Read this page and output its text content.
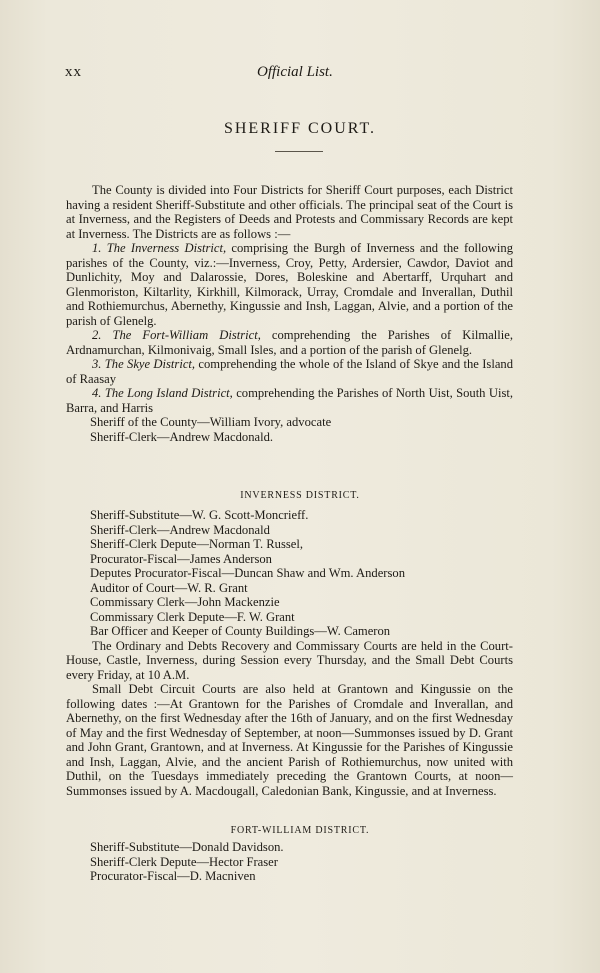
xx	Official List.
SHERIFF COURT.

The County is divided into Four Districts for Sheriff Court purposes, each District having a resident Sheriff-Substitute and other officials. The principal seat of the Court is at Inverness, and the Registers of Deeds and Protests and Commissary Records are kept at Inverness. The Districts are as follows :—

1. The Inverness District, comprising the Burgh of Inverness and the following parishes of the County, viz.:—Inverness, Croy, Petty, Ardersier, Cawdor, Daviot and Dunlichity, Moy and Dalarossie, Dores, Boleskine and Abertarff, Urquhart and Glenmoriston, Kiltarlity, Kirkhill, Kilmorack, Urray, Cromdale and Inverallan, Duthil and Rothiemurchus, Abernethy, Kingussie and Insh, Laggan, Alvie, and a portion of the parish of Glenelg.

2. The Fort-William District, comprehending the Parishes of Kilmallie, Ardnamurchan, Kilmonivaig, Small Isles, and a portion of the parish of Glenelg.

3. The Skye District, comprehending the whole of the Island of Skye and the Island of Raasay

4. The Long Island District, comprehending the Parishes of North Uist, South Uist, Barra, and Harris

Sheriff of the County—William Ivory, advocate

Sheriff-Clerk—Andrew Macdonald.

INVERNESS DISTRICT.

Sheriff-Substitute—W. G. Scott-Moncrieff.

Sheriff-Clerk—Andrew Macdonald

Sheriff-Clerk Depute—Norman T. Russel,

Procurator-Fiscal—James Anderson

Deputes Procurator-Fiscal—Duncan Shaw and Wm. Anderson

Auditor of Court—W. R. Grant

Commissary Clerk—John Mackenzie

Commissary Clerk Depute—F. W. Grant

Bar Officer and Keeper of County Buildings—W. Cameron

The Ordinary and Debts Recovery and Commissary Courts are held in the Court-House, Castle, Inverness, during Session every Thursday, and the Small Debt Courts every Friday, at 10 A.M.

Small Debt Circuit Courts are also held at Grantown and Kingussie on the following dates :—At Grantown for the Parishes of Cromdale and Inverallan, and Abernethy, on the first Wednesday after the 16th of January, and on the first Wednesday of May and the first Wednesday of September, at noon—Summonses issued by D. Grant and John Grant, Grantown, and at Inverness. At Kingussie for the Parishes of Kingussie and Insh, Laggan, Alvie, and the ancient Parish of Rothiemurchus, now united with Duthil, on the Tuesdays immediately preceding the Grantown Courts, at noon—Summonses issued by A. Macdougall, Caledonian Bank, Kingussie, and at Inverness.

FORT-WILLIAM DISTRICT.

Sheriff-Substitute—Donald Davidson.

Sheriff-Clerk Depute—Hector Fraser

Procurator-Fiscal—D. Macniven
